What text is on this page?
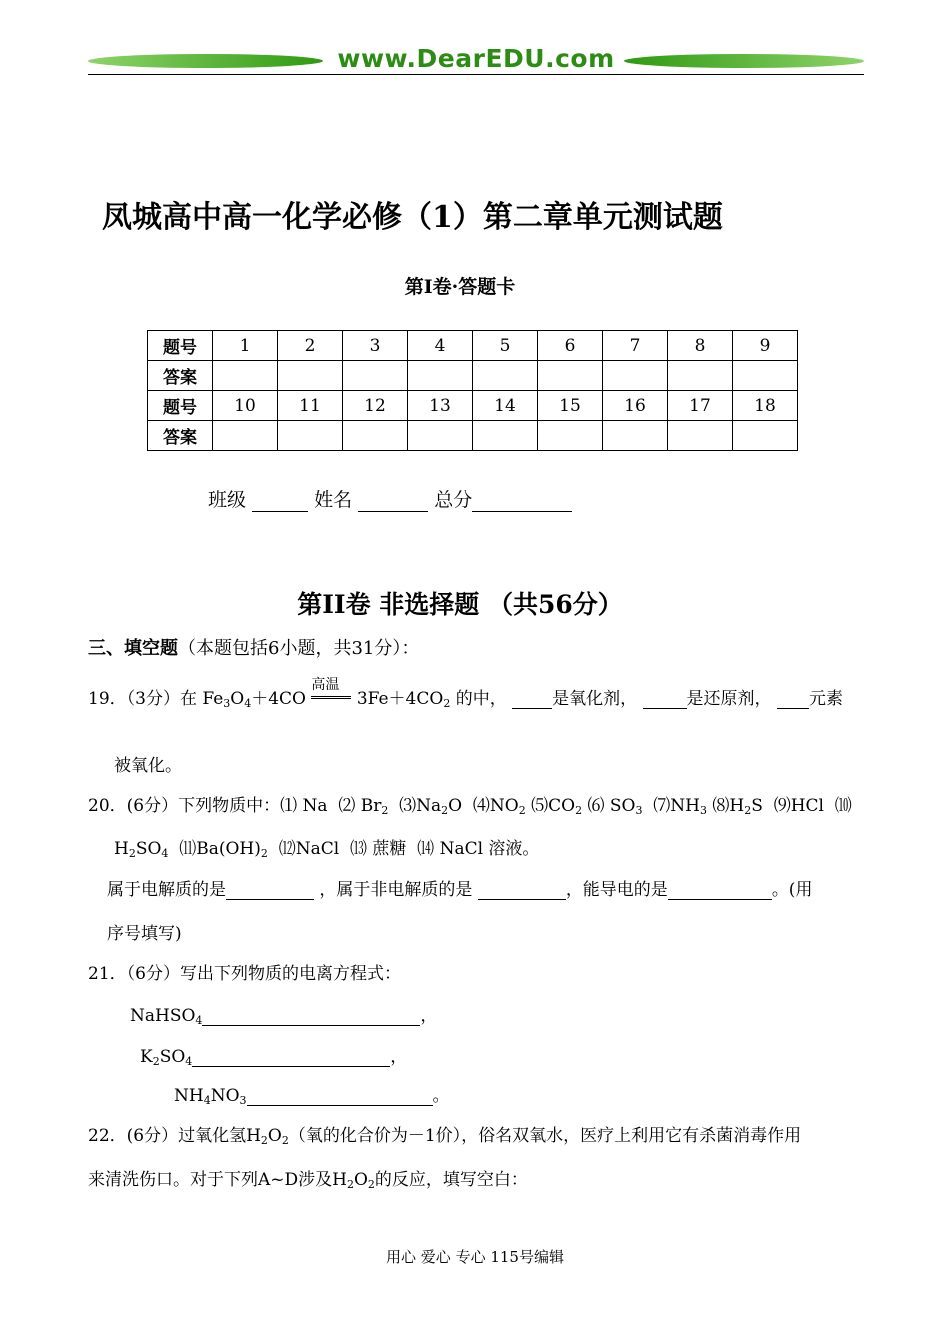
www.DearEDU.com
凤城高中高一化学必修（1）第二章单元测试题
第I卷·答题卡
题号	1	2	3	4	5	6	7	8	9
答案									
题号	10	11	12	13	14	15	16	17	18
答案									
班级	姓名	总分
第II卷 非选择题 （共56分）
三、填空题（本题包括6小题，共31分）：
19．（3分）在 $Fe_3O_4+4CO$
高温
$3Fe+4CO_2$ 的中，	是氧化剂，	是还原剂， 元素
被氧化。
20．(6分）下列物质中：⑴ Na  ⑵ $Br_2$  $⑶Na_2O$  $⑷NO_2$ $⑸CO_2$ ⑹ $SO_3$  $⑺NH_3$ $⑻H_2S$  ⑼HCl  ⑽
$H_2SO_4$  $⑾Ba(OH)_2$  ⑿NaCl  ⒀ 蔗糖  ⒁ NaCl 溶液。
属于电解质的是	，属于非电解质的是	，能导电的是	。(用
序号填写)
21．（6分）写出下列物质的电离方程式：
NaHSO$_4$	，
$K_2SO_4$	，
$NH_4NO_3$	。
22．(6分）过氧化氢$H_2O_2$（氧的化合价为－1价），俗名双氧水，医疗上利用它有杀菌消毒作用
来清洗伤口。对于下列A~D涉及$H_2O_2$的反应，填写空白：
用心 爱心 专心 115号编辑
